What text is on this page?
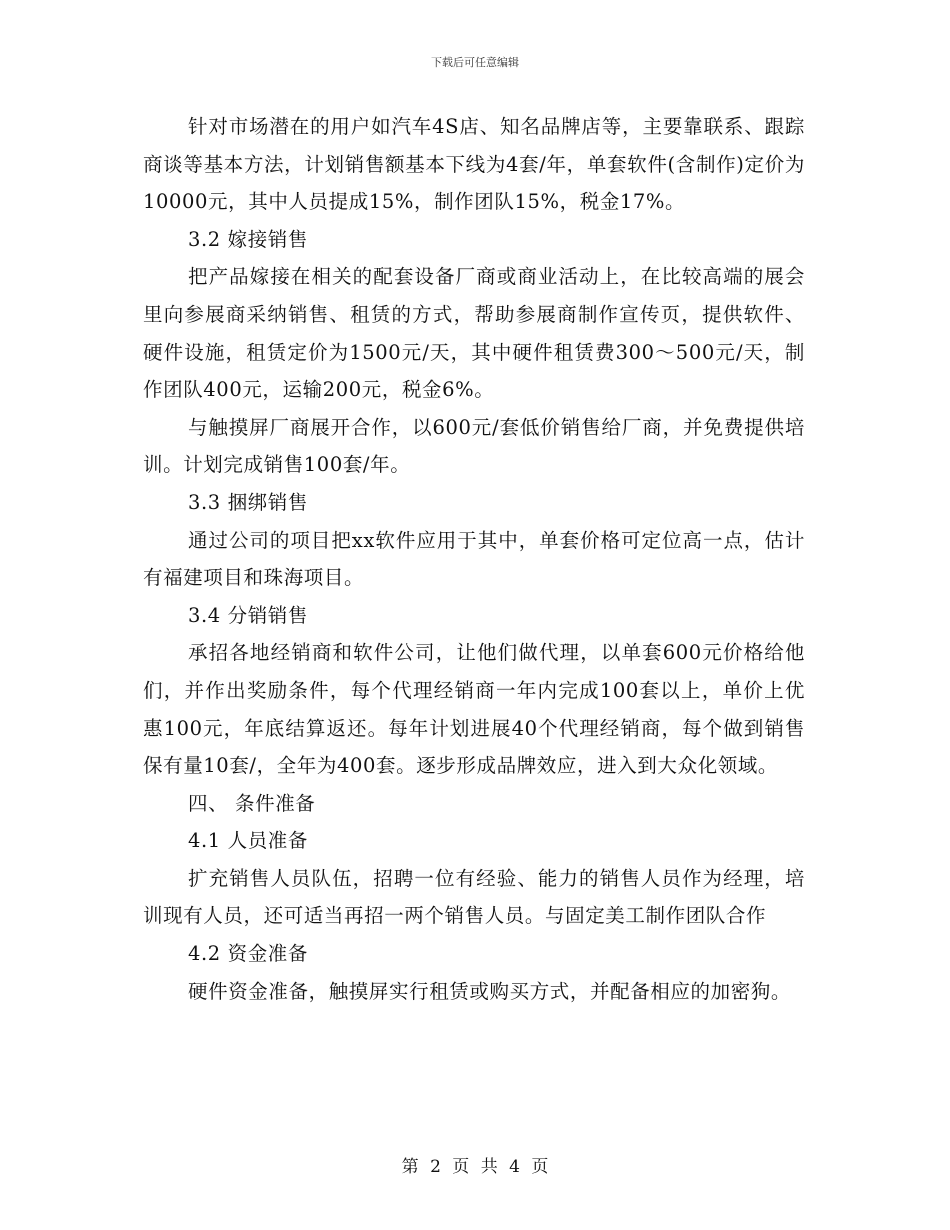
下载后可任意编辑

针对市场潜在的用户如汽车4S店、知名品牌店等，主要靠联系、跟踪商谈等基本方法，计划销售额基本下线为4套/年，单套软件(含制作)定价为10000元，其中人员提成15%，制作团队15%，税金17%。

3.2 嫁接销售

把产品嫁接在相关的配套设备厂商或商业活动上，在比较高端的展会里向参展商采纳销售、租赁的方式，帮助参展商制作宣传页，提供软件、硬件设施，租赁定价为1500元/天，其中硬件租赁费300～500元/天，制作团队400元，运输200元，税金6%。

与触摸屏厂商展开合作，以600元/套低价销售给厂商，并免费提供培训。计划完成销售100套/年。

3.3 捆绑销售

通过公司的项目把xx软件应用于其中，单套价格可定位高一点，估计有福建项目和珠海项目。

3.4 分销销售

承招各地经销商和软件公司，让他们做代理，以单套600元价格给他们，并作出奖励条件，每个代理经销商一年内完成100套以上，单价上优惠100元，年底结算返还。每年计划进展40个代理经销商，每个做到销售保有量10套/，全年为400套。逐步形成品牌效应，进入到大众化领域。

四、 条件准备

4.1 人员准备

扩充销售人员队伍，招聘一位有经验、能力的销售人员作为经理，培训现有人员，还可适当再招一两个销售人员。与固定美工制作团队合作

4.2 资金准备

硬件资金准备，触摸屏实行租赁或购买方式，并配备相应的加密狗。

第 2 页 共 4 页
